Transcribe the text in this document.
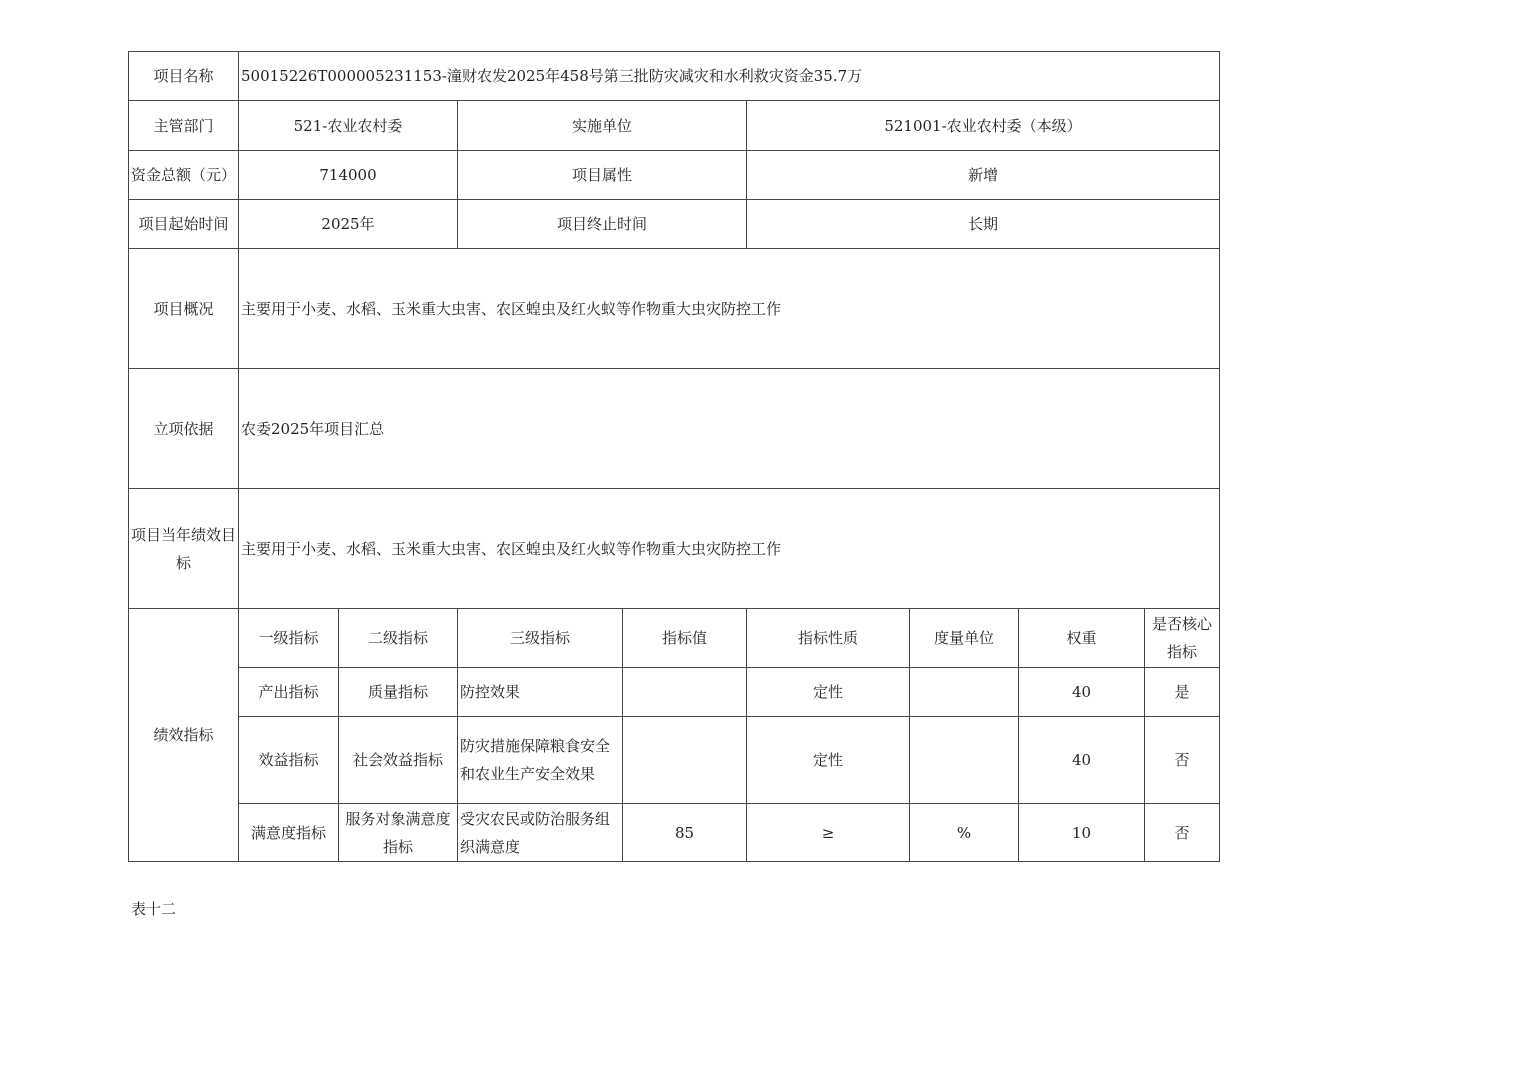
项目名称	50015226T000005231153-潼财农发2025年458号第三批防灾减灾和水利救灾资金35.7万							
主管部门	521-农业农村委		实施单位		521001-农业农村委（本级）			
资金总额（元）	714000		项目属性		新增			
项目起始时间	2025年		项目终止时间		长期			
项目概况	主要用于小麦、水稻、玉米重大虫害、农区蝗虫及红火蚁等作物重大虫灾防控工作							
立项依据	农委2025年项目汇总							
项目当年绩效目标	主要用于小麦、水稻、玉米重大虫害、农区蝗虫及红火蚁等作物重大虫灾防控工作							
绩效指标	一级指标	二级指标	三级指标	指标值	指标性质	度量单位	权重	是否核心指标
	产出指标	质量指标	防控效果		定性		40	是
	效益指标	社会效益指标	防灾措施保障粮食安全和农业生产安全效果		定性		40	否
	满意度指标	服务对象满意度指标	受灾农民或防治服务组织满意度	85	≥	%	10	否
表十二
